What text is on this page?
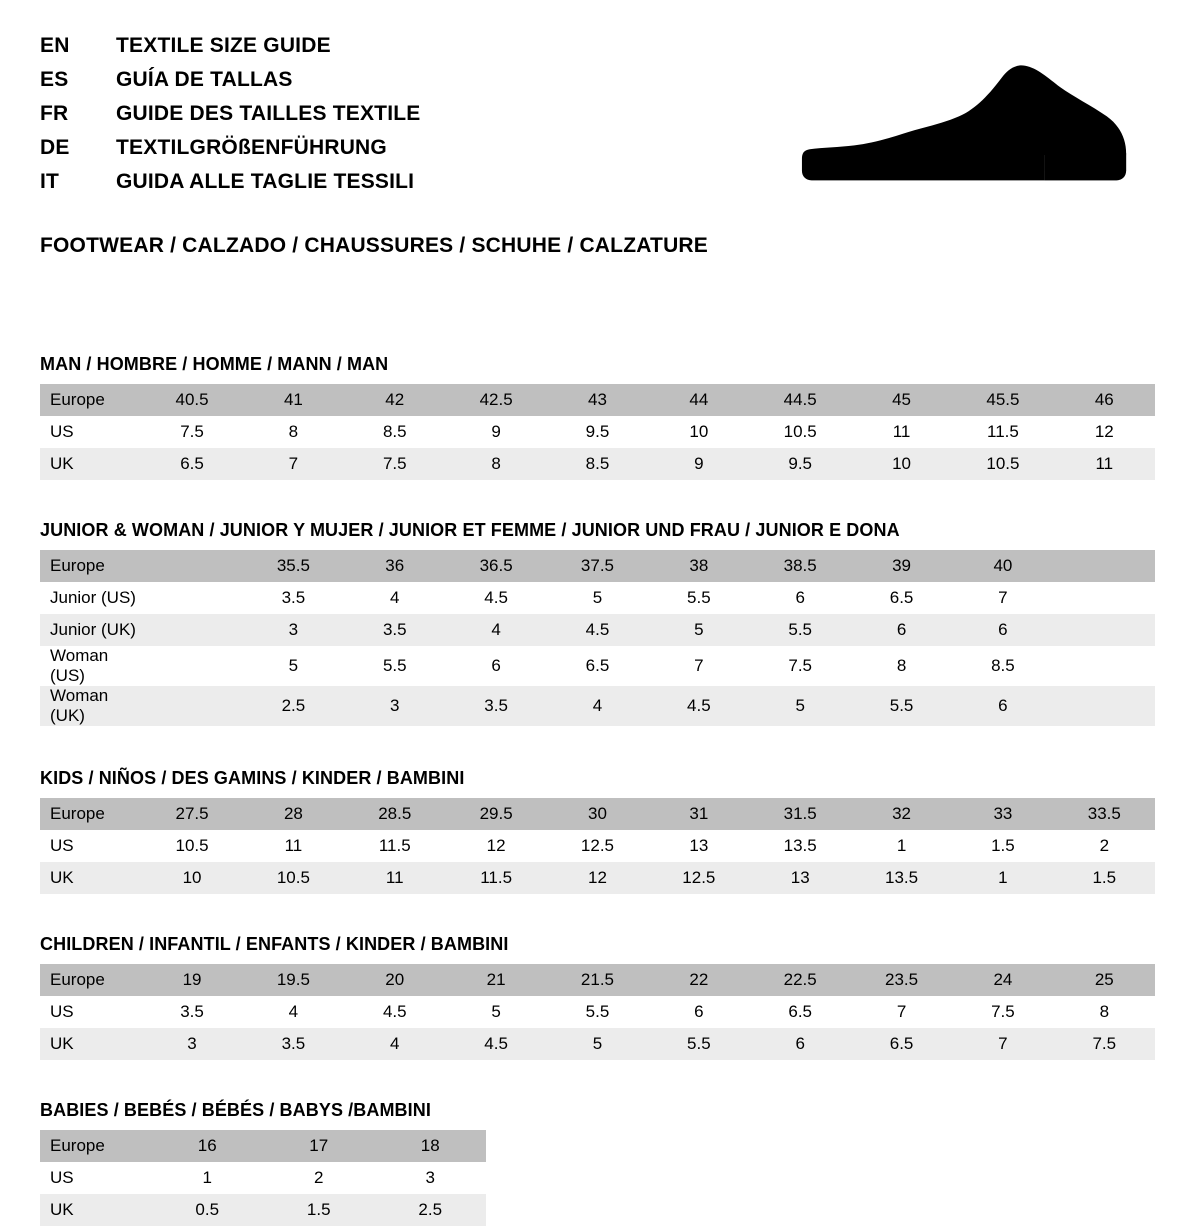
EN	TEXTILE SIZE GUIDE
ES	GUÍA DE TALLAS
FR	GUIDE DES TAILLES TEXTILE
DE	TEXTILGRÖßENFÜHRUNG
IT	GUIDA ALLE TAGLIE TESSILI
FOOTWEAR / CALZADO / CHAUSSURES / SCHUHE / CALZATURE
MAN / HOMBRE / HOMME / MANN / MAN
Europe	40.5	41	42	42.5	43	44	44.5	45	45.5	46
US	7.5	8	8.5	9	9.5	10	10.5	11	11.5	12
UK	6.5	7	7.5	8	8.5	9	9.5	10	10.5	11
JUNIOR & WOMAN / JUNIOR Y MUJER / JUNIOR ET FEMME / JUNIOR UND FRAU / JUNIOR E DONA
Europe		35.5	36	36.5	37.5	38	38.5	39	40	
Junior (US)		3.5	4	4.5	5	5.5	6	6.5	7	
Junior (UK)		3	3.5	4	4.5	5	5.5	6	6	
Woman (US)		5	5.5	6	6.5	7	7.5	8	8.5	
Woman (UK)		2.5	3	3.5	4	4.5	5	5.5	6	
KIDS / NIÑOS / DES GAMINS / KINDER / BAMBINI
Europe	27.5	28	28.5	29.5	30	31	31.5	32	33	33.5
US	10.5	11	11.5	12	12.5	13	13.5	1	1.5	2
UK	10	10.5	11	11.5	12	12.5	13	13.5	1	1.5
CHILDREN / INFANTIL / ENFANTS / KINDER / BAMBINI
Europe	19	19.5	20	21	21.5	22	22.5	23.5	24	25
US	3.5	4	4.5	5	5.5	6	6.5	7	7.5	8
UK	3	3.5	4	4.5	5	5.5	6	6.5	7	7.5
BABIES / BEBÉS / BÉBÉS / BABYS /BAMBINI
Europe	16	17	18
US	1	2	3
UK	0.5	1.5	2.5
